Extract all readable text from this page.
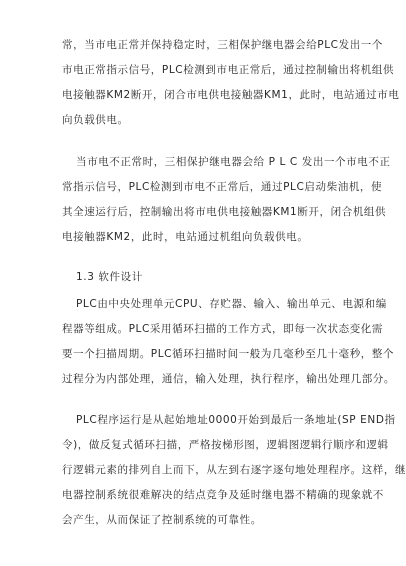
常，当市电正常并保持稳定时，三相保护继电器会给PLC发出一个
市电正常指示信号，PLC检测到市电正常后，通过控制输出将机组供
电接触器KM2断开，闭合市电供电接触器KM1，此时，电站通过市电
向负载供电。
当市电不正常时，三相保护继电器会给 P L C 发出一个市电不正
常指示信号，PLC检测到市电不正常后，通过PLC启动柴油机，使
其全速运行后，控制输出将市电供电接触器KM1断开，闭合机组供
电接触器KM2，此时，电站通过机组向负载供电。
1.3 软件设计
PLC由中央处理单元CPU、存贮器、输入、输出单元、电源和编
程器等组成。PLC采用循环扫描的工作方式，即每一次状态变化需
要一个扫描周期。PLC循环扫描时间一般为几毫秒至几十毫秒，整个
过程分为内部处理，通信，输入处理，执行程序，输出处理几部分。
PLC程序运行是从起始地址0000开始到最后一条地址(SP END指
令)，做反复式循环扫描，严格按梯形图，逻辑图逻辑行顺序和逻辑
行逻辑元素的排列自上而下，从左到右逐字逐句地处理程序。这样，继
电器控制系统很难解决的结点竞争及延时继电器不精确的现象就不
会产生，从而保证了控制系统的可靠性。
